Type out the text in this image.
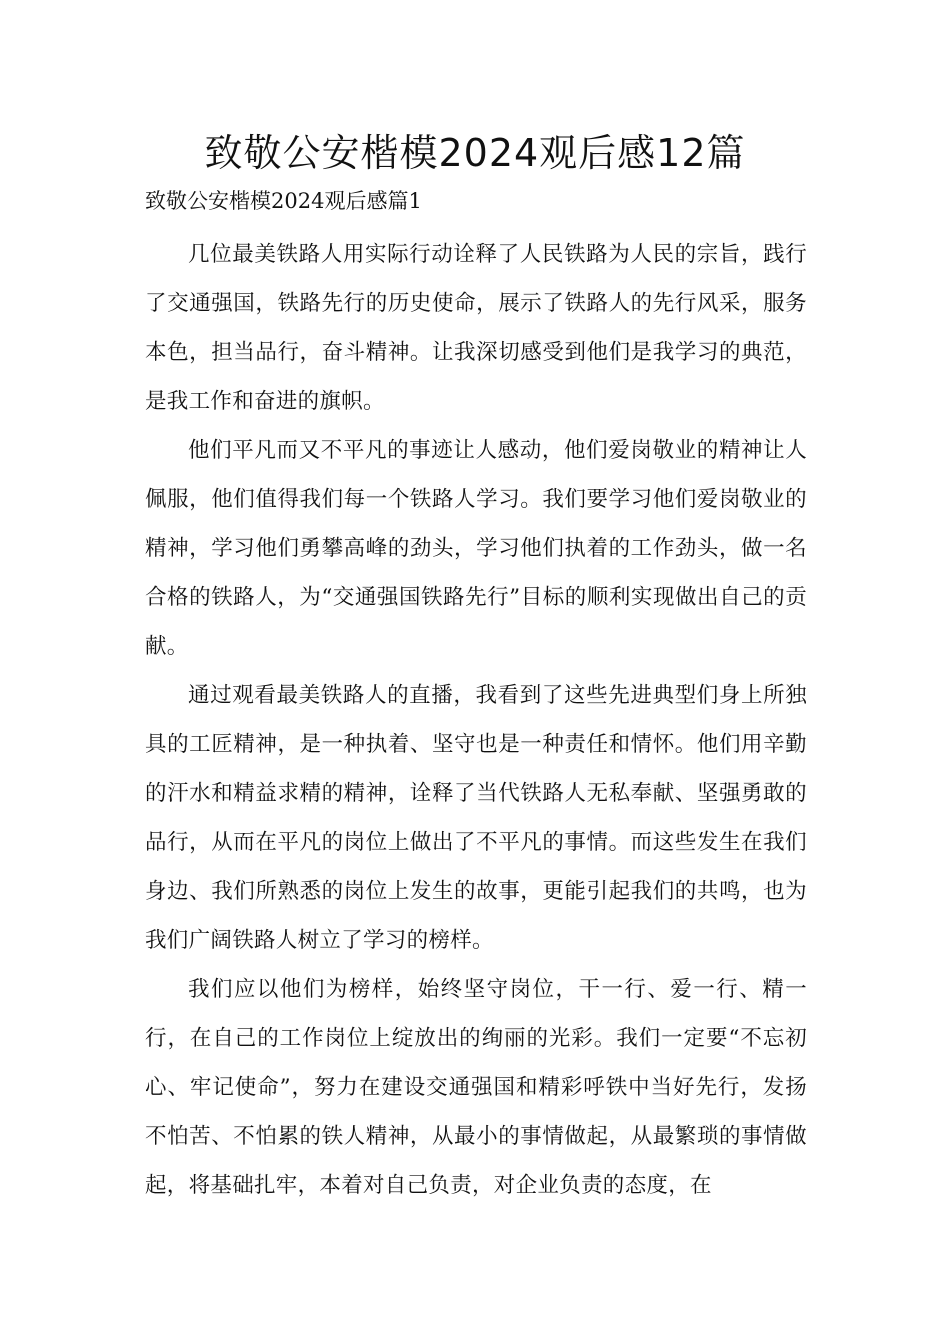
致敬公安楷模2024观后感12篇
致敬公安楷模2024观后感篇1

几位最美铁路人用实际行动诠释了人民铁路为人民的宗旨，践行了交通强国，铁路先行的历史使命，展示了铁路人的先行风采，服务本色，担当品行，奋斗精神。让我深切感受到他们是我学习的典范，是我工作和奋进的旗帜。

他们平凡而又不平凡的事迹让人感动，他们爱岗敬业的精神让人佩服，他们值得我们每一个铁路人学习。我们要学习他们爱岗敬业的精神，学习他们勇攀高峰的劲头，学习他们执着的工作劲头，做一名合格的铁路人，为“交通强国铁路先行”目标的顺利实现做出自己的贡献。

通过观看最美铁路人的直播，我看到了这些先进典型们身上所独具的工匠精神，是一种执着、坚守也是一种责任和情怀。他们用辛勤的汗水和精益求精的精神，诠释了当代铁路人无私奉献、坚强勇敢的品行，从而在平凡的岗位上做出了不平凡的事情。而这些发生在我们身边、我们所熟悉的岗位上发生的故事，更能引起我们的共鸣，也为我们广阔铁路人树立了学习的榜样。

我们应以他们为榜样，始终坚守岗位，干一行、爱一行、精一行，在自己的工作岗位上绽放出的绚丽的光彩。我们一定要“不忘初心、牢记使命”，努力在建设交通强国和精彩呼铁中当好先行，发扬不怕苦、不怕累的铁人精神，从最小的事情做起，从最繁琐的事情做起，将基础扎牢，本着对自己负责，对企业负责的态度，在
